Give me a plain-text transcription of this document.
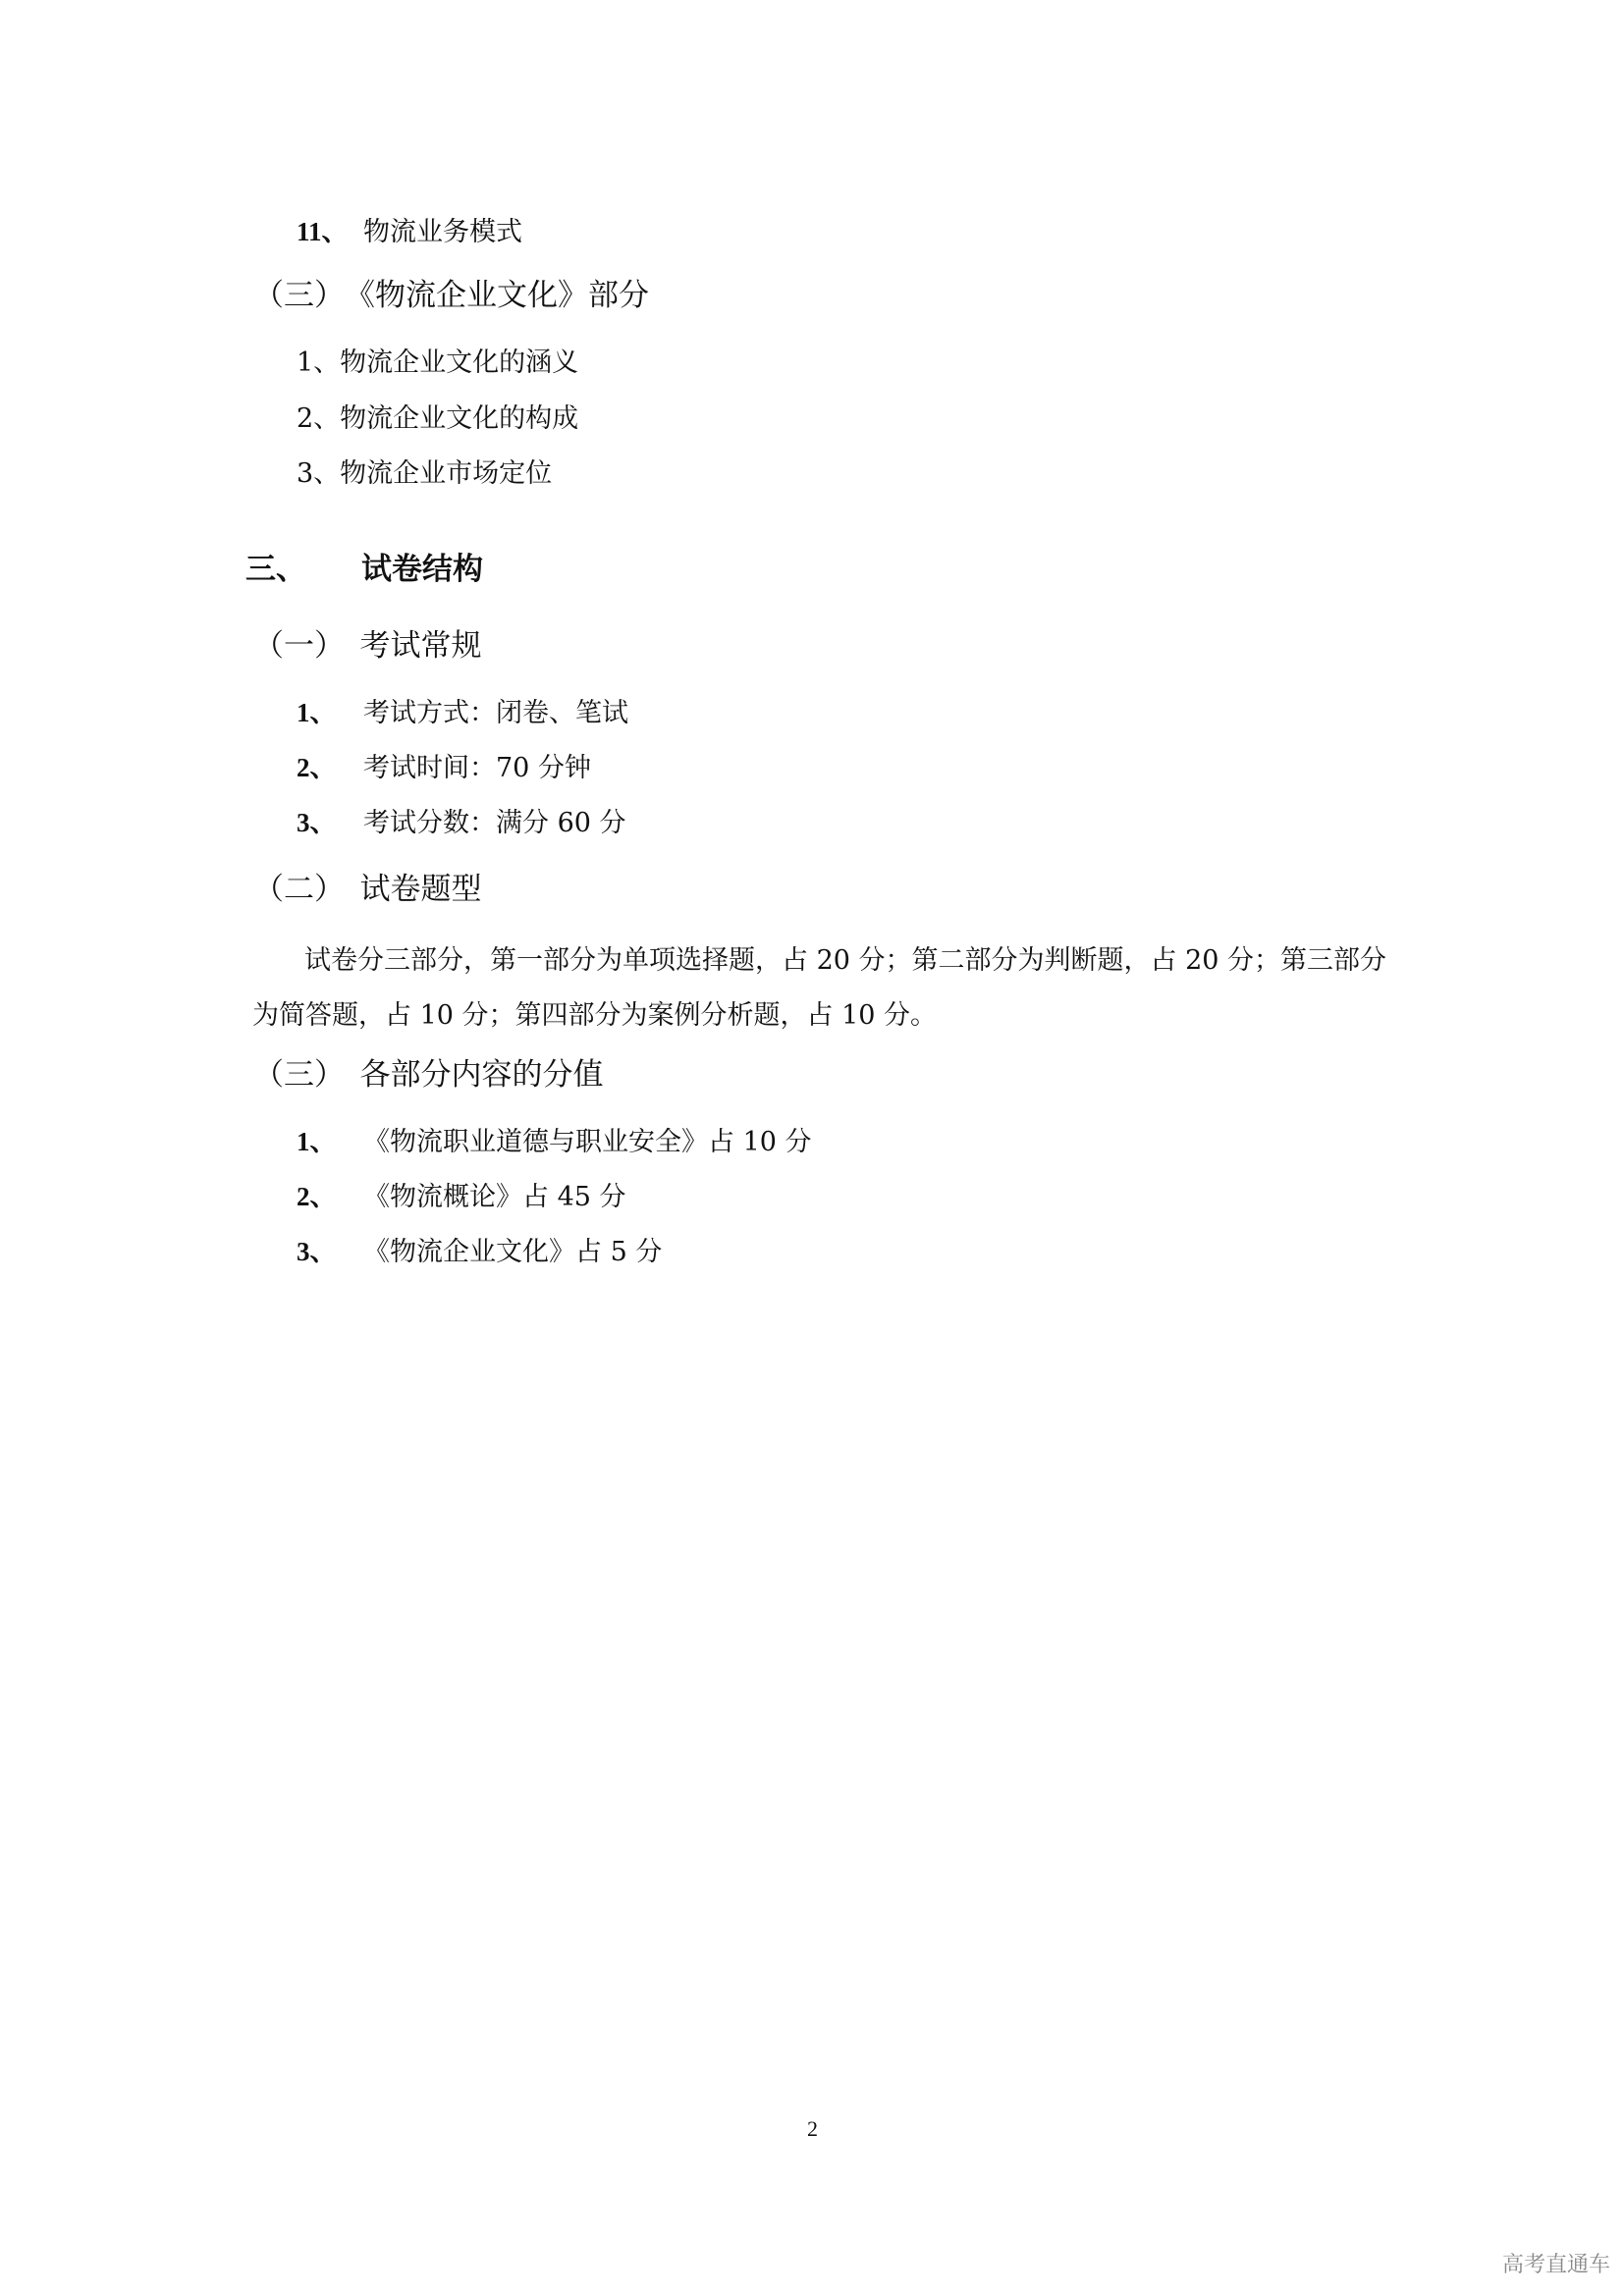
11、 物流业务模式
（三）　《物流企业文化》部分
1、物流企业文化的涵义
2、物流企业文化的构成
3、物流企业市场定位
三、 试卷结构
（一）　考试常规
1、 考试方式：闭卷、笔试
2、 考试时间：70 分钟
3、 考试分数：满分 60 分
（二）　试卷题型
试卷分三部分，第一部分为单项选择题，占 20 分；第二部分为判断题，占 20 分；第三部分为简答题，占 10 分；第四部分为案例分析题，占 10 分。
（三）　各部分内容的分值
1、 《物流职业道德与职业安全》占 10 分
2、 《物流概论》占 45 分
3、 《物流企业文化》占 5 分
2
高考直通车
